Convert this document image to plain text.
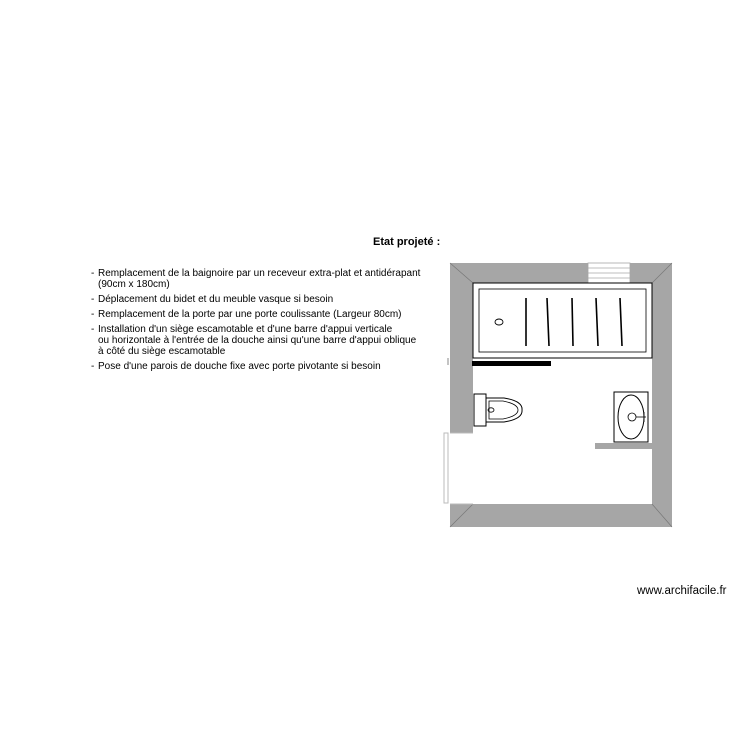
Etat projeté :
- Remplacement de la baignoire par un receveur extra-plat et antidérapant
(90cm x 180cm)
- Déplacement du bidet et du meuble vasque si besoin
- Remplacement de la porte par une porte coulissante (Largeur 80cm)
- Installation d'un siège escamotable et d'une barre d'appui verticale
ou horizontale à l'entrée de la douche ainsi qu'une barre d'appui oblique
à côté du siège escamotable
- Pose d'une parois de douche fixe avec porte pivotante si besoin
www.archifacile.fr
